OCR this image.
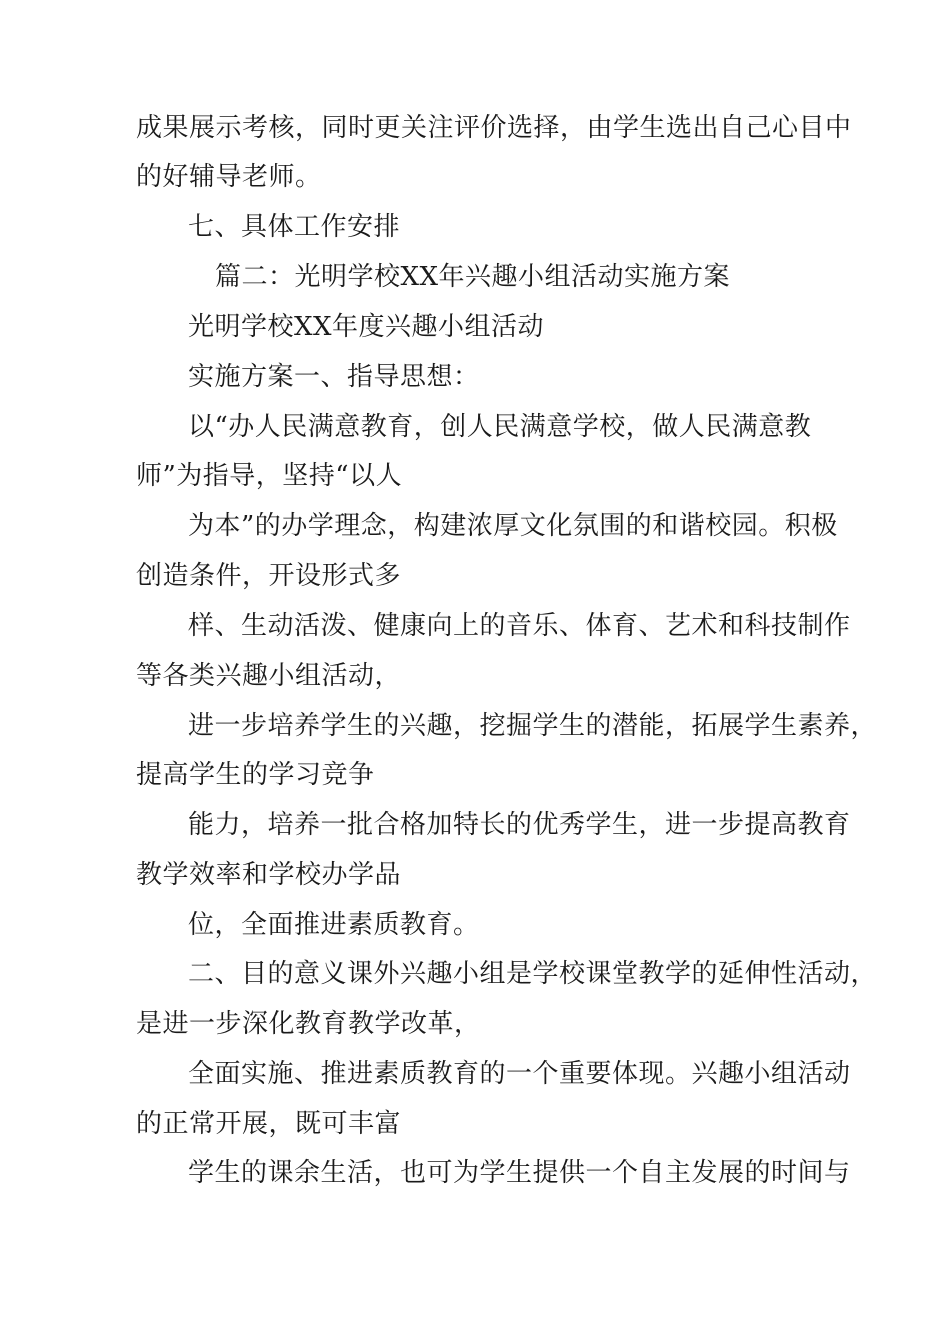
成果展示考核，同时更关注评价选择，由学生选出自己心目中
的好辅导老师。
七、具体工作安排
篇二：光明学校XX年兴趣小组活动实施方案
光明学校XX年度兴趣小组活动
实施方案一、指导思想：
以“办人民满意教育，创人民满意学校，做人民满意教
师”为指导，坚持“以人
为本”的办学理念，构建浓厚文化氛围的和谐校园。积极
创造条件，开设形式多
样、生动活泼、健康向上的音乐、体育、艺术和科技制作
等各类兴趣小组活动，
进一步培养学生的兴趣，挖掘学生的潜能，拓展学生素养，
提高学生的学习竞争
能力，培养一批合格加特长的优秀学生，进一步提高教育
教学效率和学校办学品
位，全面推进素质教育。
二、目的意义课外兴趣小组是学校课堂教学的延伸性活动，
是进一步深化教育教学改革，
全面实施、推进素质教育的一个重要体现。兴趣小组活动
的正常开展，既可丰富
学生的课余生活，也可为学生提供一个自主发展的时间与
